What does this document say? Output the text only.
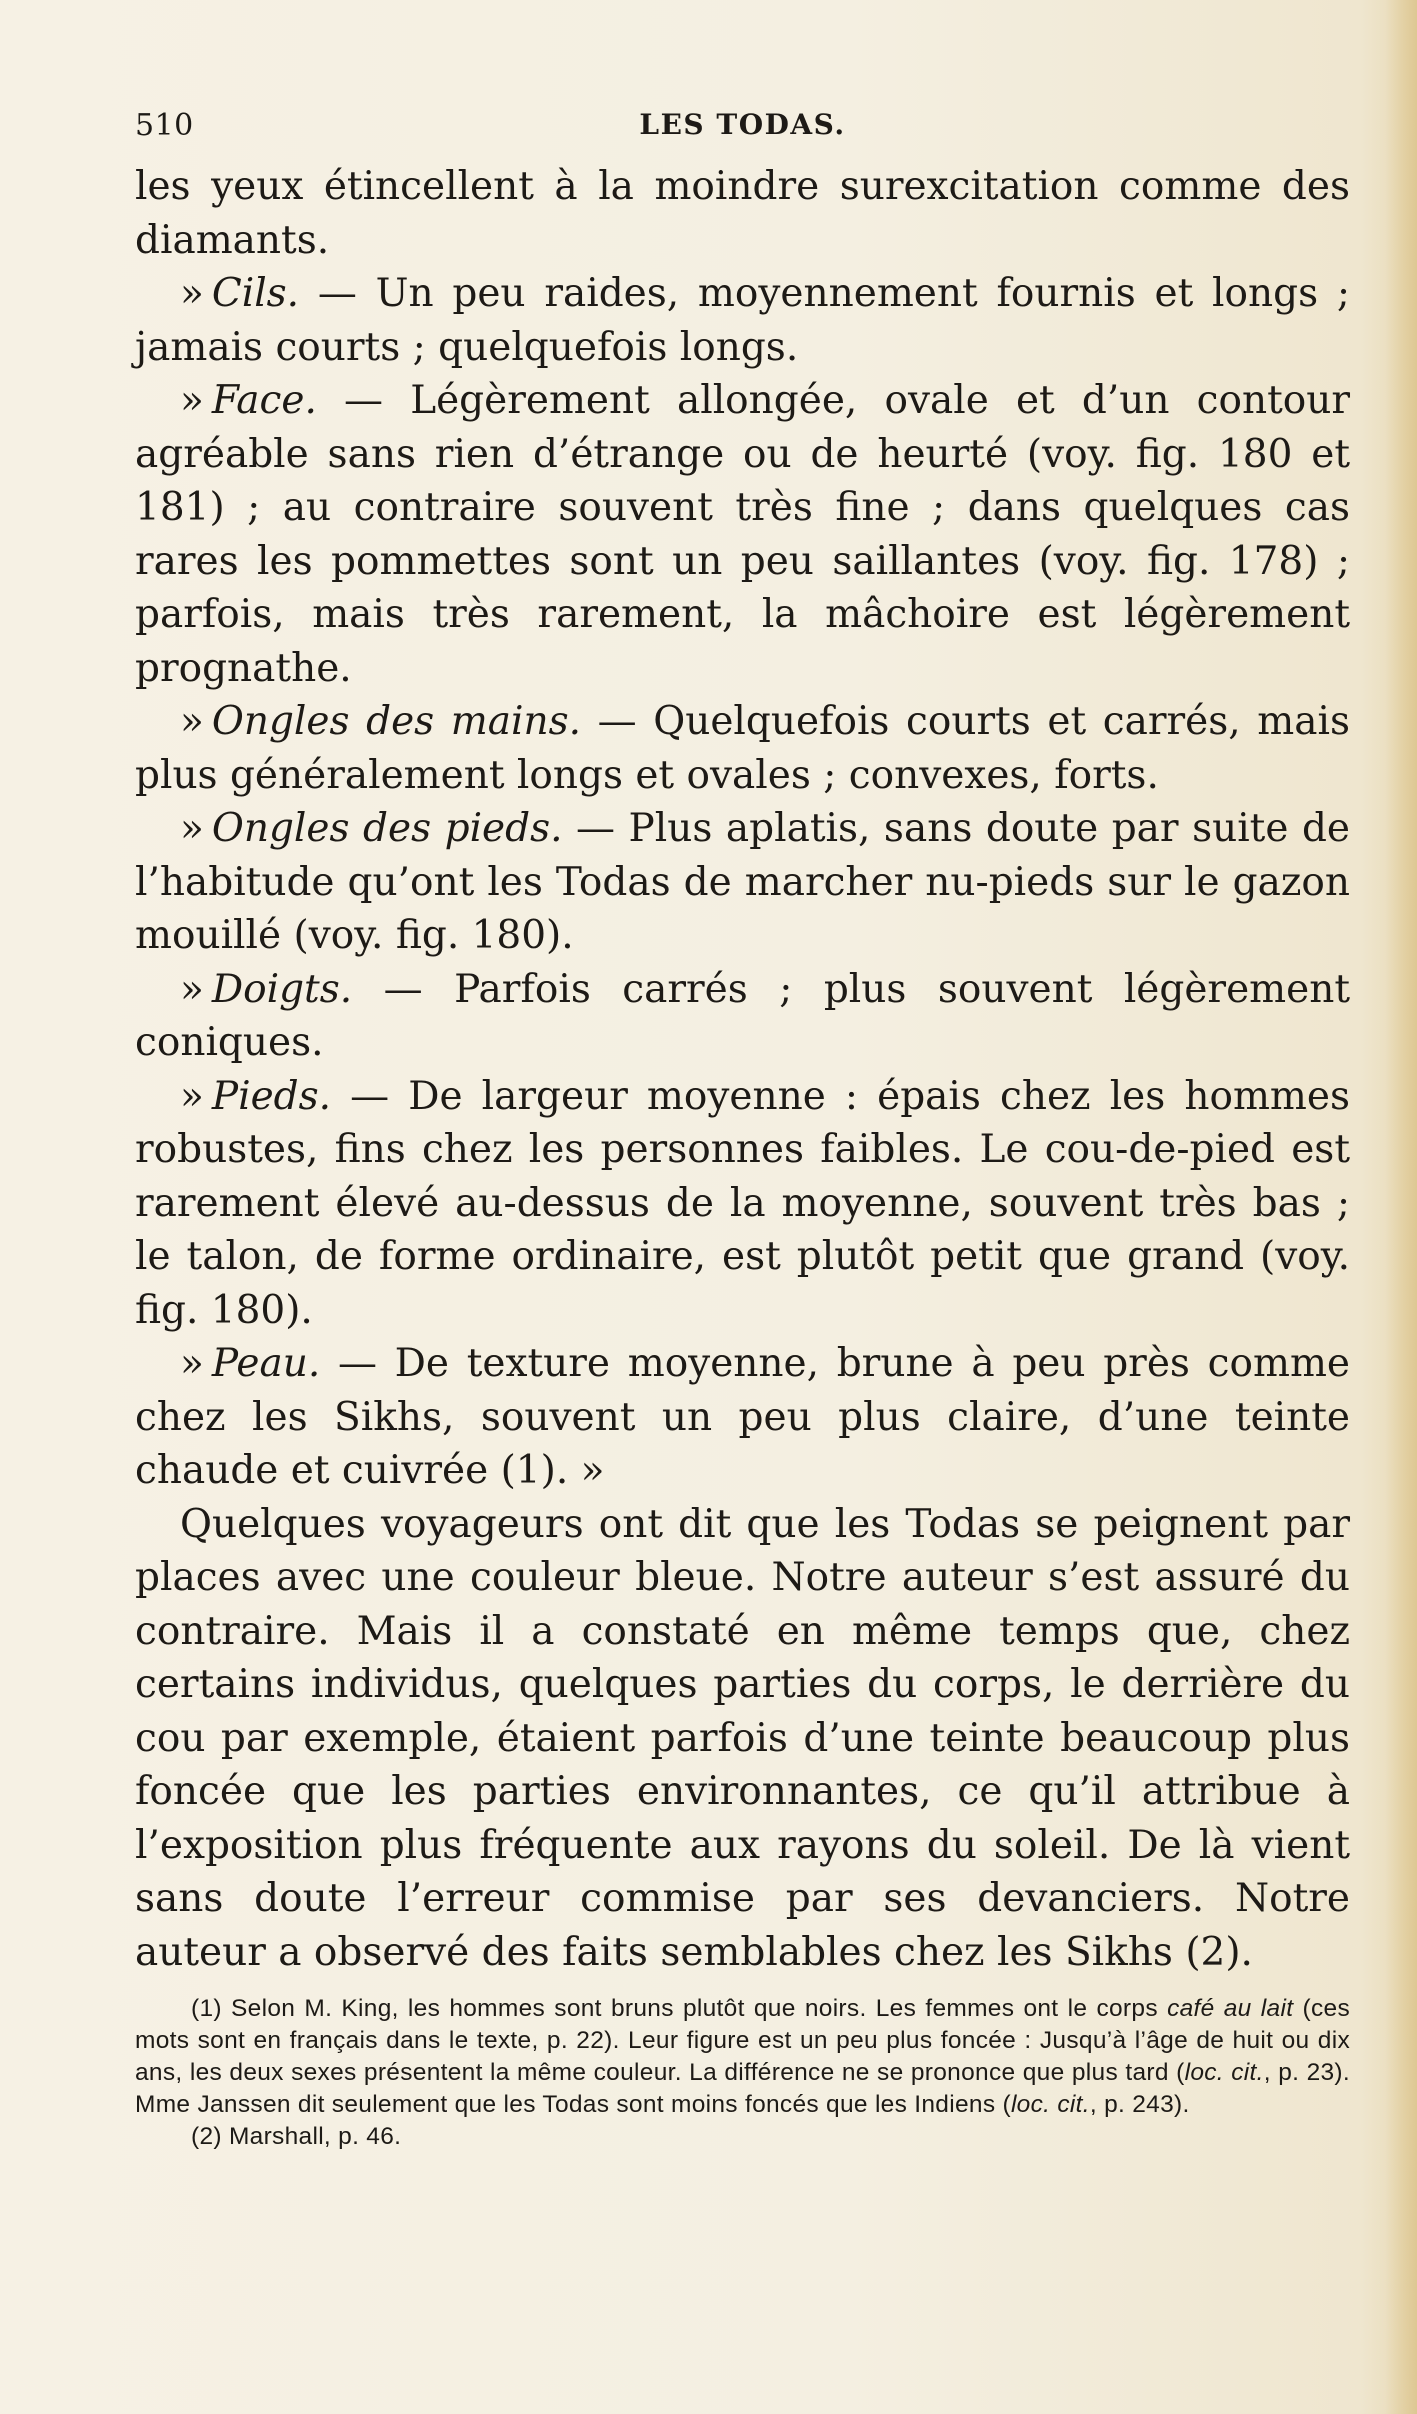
510	LES TODAS.

les yeux étincellent à la moindre surexcitation comme des diamants.

» Cils. — Un peu raides, moyennement fournis et longs ; jamais courts ; quelquefois longs.

» Face. — Légèrement allongée, ovale et d’un contour agréable sans rien d’étrange ou de heurté (voy. fig. 180 et 181) ; au contraire souvent très fine ; dans quelques cas rares les pommettes sont un peu saillantes (voy. fig. 178) ; parfois, mais très rarement, la mâchoire est légèrement prognathe.

» Ongles des mains. — Quelquefois courts et carrés, mais plus généralement longs et ovales ; convexes, forts.

» Ongles des pieds. — Plus aplatis, sans doute par suite de l’habitude qu’ont les Todas de marcher nu-pieds sur le gazon mouillé (voy. fig. 180).

» Doigts. — Parfois carrés ; plus souvent légèrement coniques.

» Pieds. — De largeur moyenne : épais chez les hommes robustes, fins chez les personnes faibles. Le cou-de-pied est rarement élevé au-dessus de la moyenne, souvent très bas ; le talon, de forme ordinaire, est plutôt petit que grand (voy. fig. 180).

» Peau. — De texture moyenne, brune à peu près comme chez les Sikhs, souvent un peu plus claire, d’une teinte chaude et cuivrée (1). »

Quelques voyageurs ont dit que les Todas se peignent par places avec une couleur bleue. Notre auteur s’est assuré du contraire. Mais il a constaté en même temps que, chez certains individus, quelques parties du corps, le derrière du cou par exemple, étaient parfois d’une teinte beaucoup plus foncée que les parties environnantes, ce qu’il attribue à l’exposition plus fréquente aux rayons du soleil. De là vient sans doute l’erreur commise par ses devanciers. Notre auteur a observé des faits semblables chez les Sikhs (2).

(1) Selon M. King, les hommes sont bruns plutôt que noirs. Les femmes ont le corps café au lait (ces mots sont en français dans le texte, p. 22). Leur figure est un peu plus foncée : Jusqu’à l’âge de huit ou dix ans, les deux sexes présentent la même couleur. La différence ne se prononce que plus tard (loc. cit., p. 23). Mme Janssen dit seulement que les Todas sont moins foncés que les Indiens (loc. cit., p. 243).

(2) Marshall, p. 46.
